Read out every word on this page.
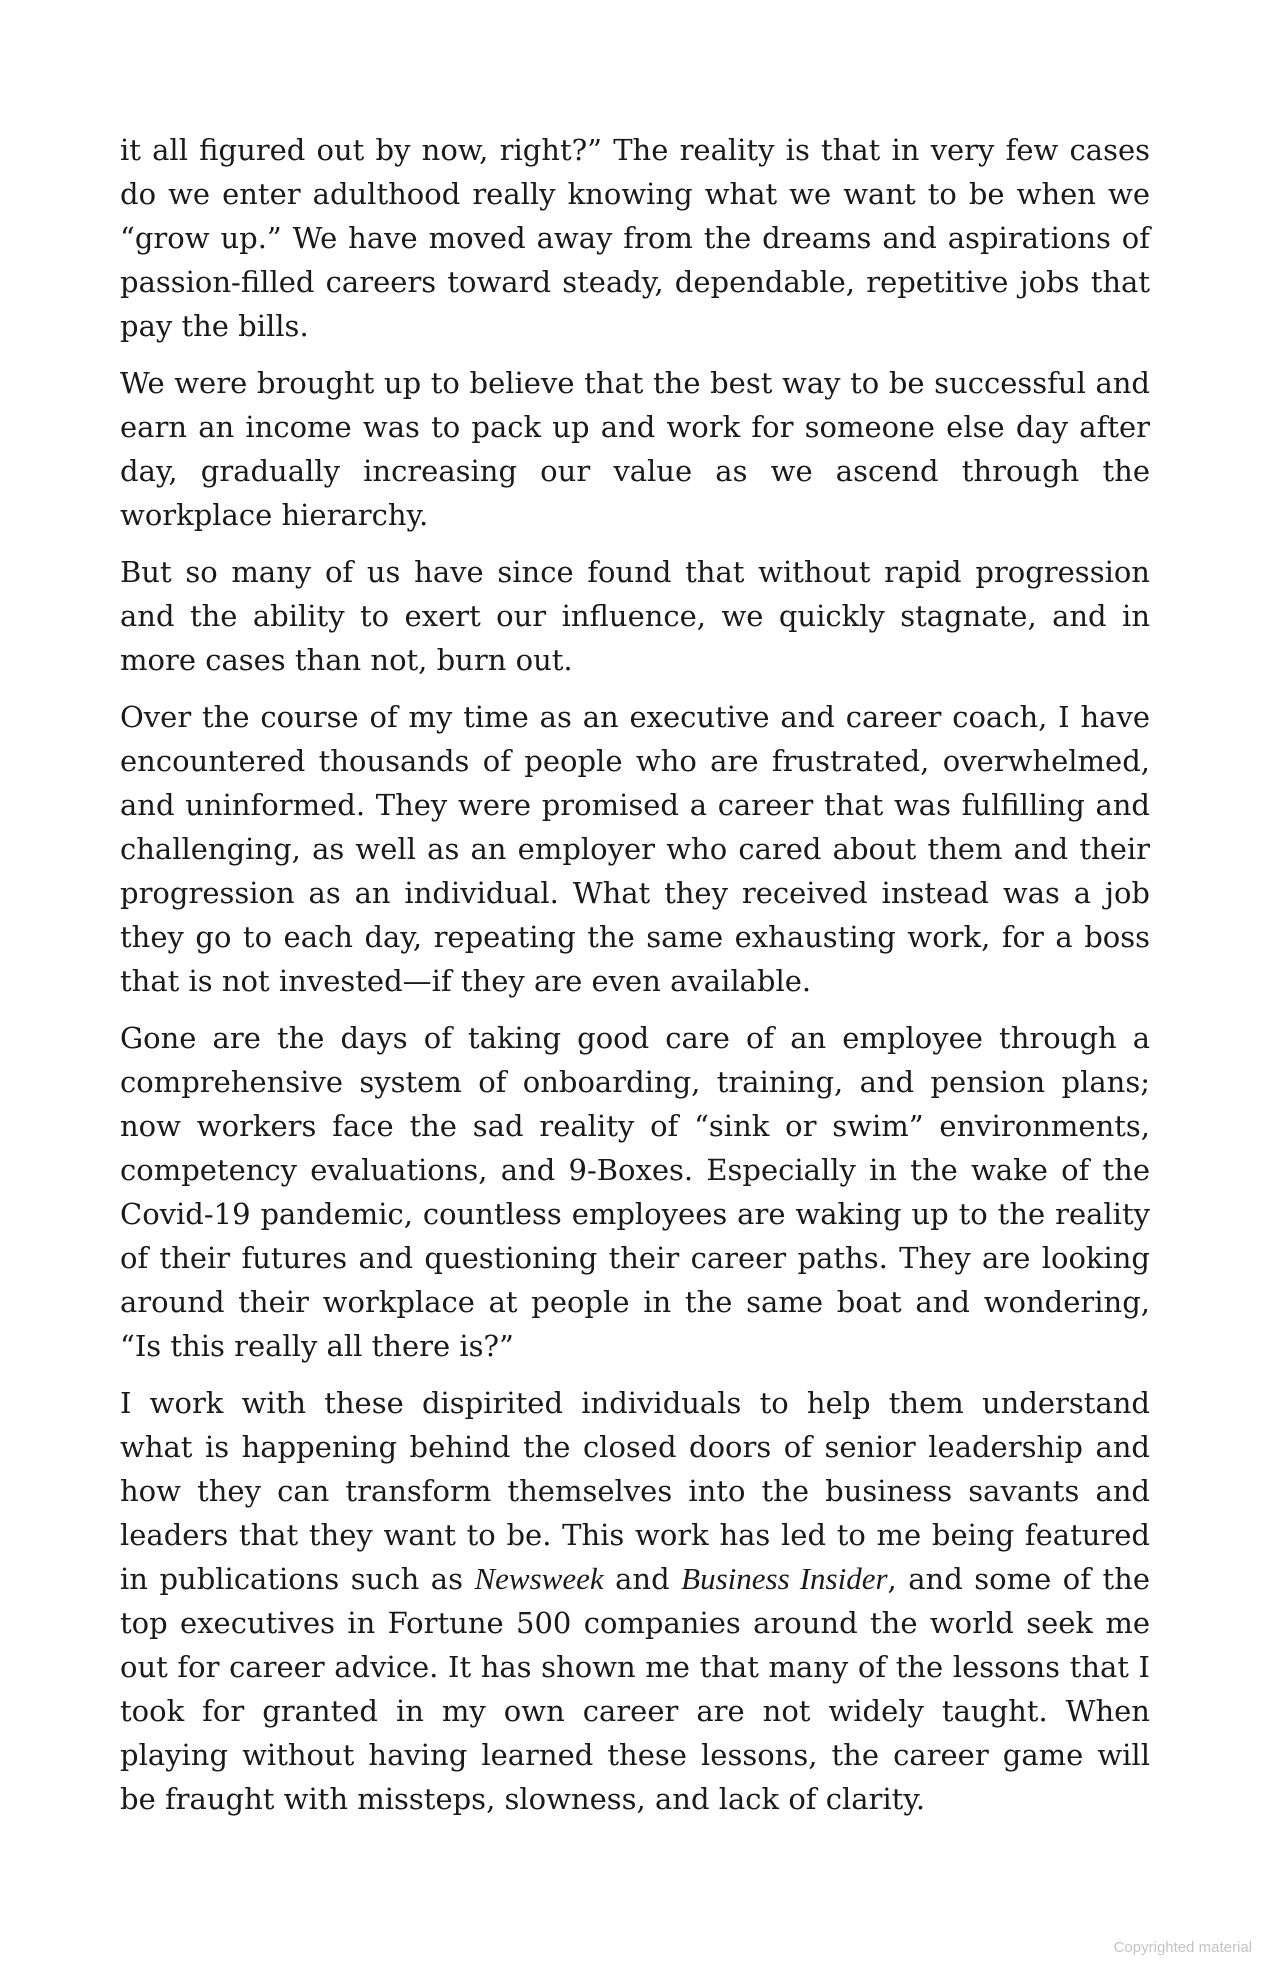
it all figured out by now, right?” The reality is that in very few cases do we enter adulthood really knowing what we want to be when we “grow up.” We have moved away from the dreams and aspirations of passion-filled careers toward steady, dependable, repetitive jobs that pay the bills.

We were brought up to believe that the best way to be successful and earn an income was to pack up and work for someone else day after day, gradually increasing our value as we ascend through the workplace hierarchy.

But so many of us have since found that without rapid progression and the ability to exert our influence, we quickly stagnate, and in more cases than not, burn out.

Over the course of my time as an executive and career coach, I have encountered thousands of people who are frustrated, overwhelmed, and uninformed. They were promised a career that was fulfilling and challenging, as well as an employer who cared about them and their progression as an individual. What they received instead was a job they go to each day, repeating the same exhausting work, for a boss that is not invested—if they are even available.

Gone are the days of taking good care of an employee through a comprehensive system of onboarding, training, and pension plans; now workers face the sad reality of “sink or swim” environments, competency evaluations, and 9-Boxes. Especially in the wake of the Covid-19 pandemic, countless employees are waking up to the reality of their futures and questioning their career paths. They are looking around their workplace at people in the same boat and wondering, “Is this really all there is?”

I work with these dispirited individuals to help them understand what is happening behind the closed doors of senior leadership and how they can transform themselves into the business savants and leaders that they want to be. This work has led to me being featured in publications such as Newsweek and Business Insider, and some of the top executives in Fortune 500 companies around the world seek me out for career advice. It has shown me that many of the lessons that I took for granted in my own career are not widely taught. When playing without having learned these lessons, the career game will be fraught with missteps, slowness, and lack of clarity.

Copyrighted material
